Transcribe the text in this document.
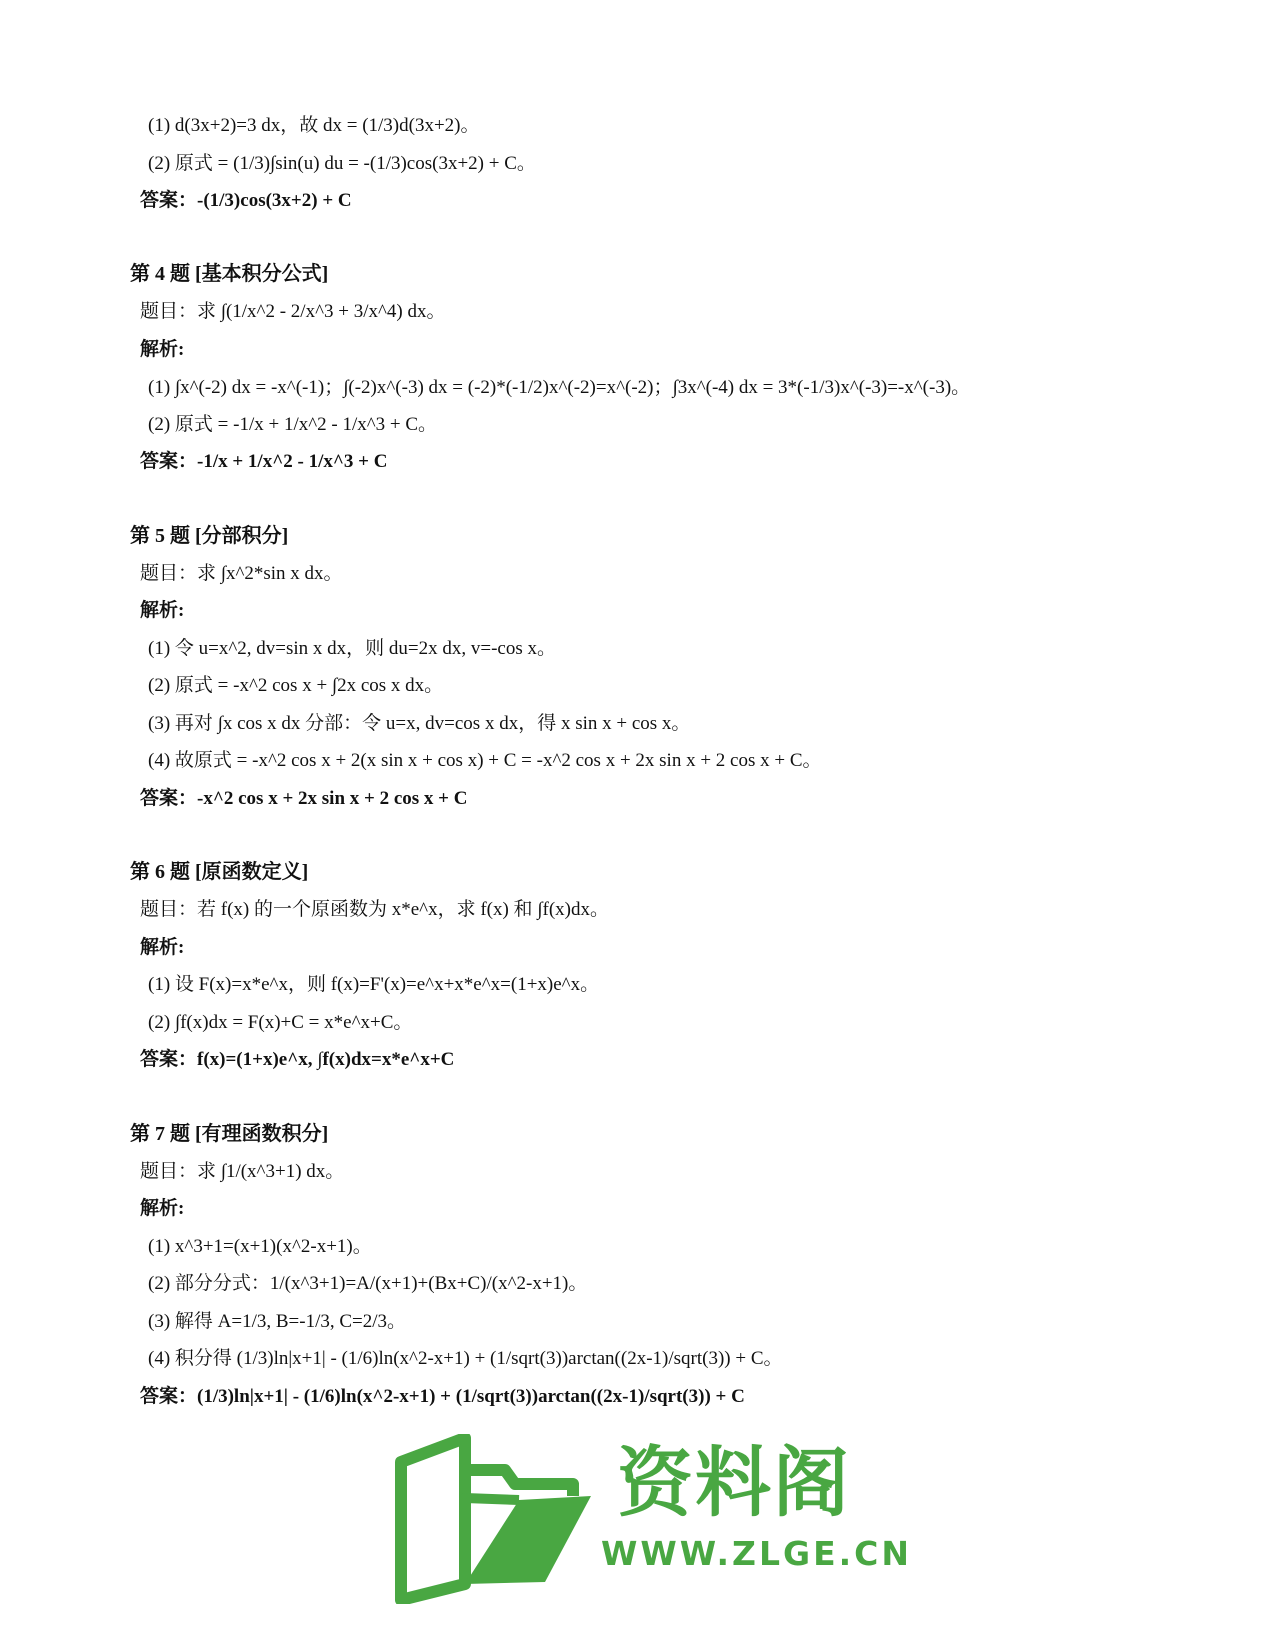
(1) d(3x+2)=3 dx，故 dx = (1/3)d(3x+2)。
(2) 原式 = (1/3)∫sin(u) du = -(1/3)cos(3x+2) + C。
答案：-(1/3)cos(3x+2) + C
第 4 题 [基本积分公式]
题目：求 ∫(1/x^2 - 2/x^3 + 3/x^4) dx。
解析:
(1) ∫x^(-2) dx = -x^(-1)；∫(-2)x^(-3) dx = (-2)*(-1/2)x^(-2)=x^(-2)；∫3x^(-4) dx = 3*(-1/3)x^(-3)=-x^(-3)。
(2) 原式 = -1/x + 1/x^2 - 1/x^3 + C。
答案：-1/x + 1/x^2 - 1/x^3 + C
第 5 题 [分部积分]
题目：求 ∫x^2*sin x dx。
解析:
(1) 令 u=x^2, dv=sin x dx，则 du=2x dx, v=-cos x。
(2) 原式 = -x^2 cos x + ∫2x cos x dx。
(3) 再对 ∫x cos x dx 分部：令 u=x, dv=cos x dx，得 x sin x + cos x。
(4) 故原式 = -x^2 cos x + 2(x sin x + cos x) + C = -x^2 cos x + 2x sin x + 2 cos x + C。
答案：-x^2 cos x + 2x sin x + 2 cos x + C
第 6 题 [原函数定义]
题目：若 f(x) 的一个原函数为 x*e^x，求 f(x) 和 ∫f(x)dx。
解析:
(1) 设 F(x)=x*e^x，则 f(x)=F'(x)=e^x+x*e^x=(1+x)e^x。
(2) ∫f(x)dx = F(x)+C = x*e^x+C。
答案：f(x)=(1+x)e^x, ∫f(x)dx=x*e^x+C
第 7 题 [有理函数积分]
题目：求 ∫1/(x^3+1) dx。
解析:
(1) x^3+1=(x+1)(x^2-x+1)。
(2) 部分分式：1/(x^3+1)=A/(x+1)+(Bx+C)/(x^2-x+1)。
(3) 解得 A=1/3, B=-1/3, C=2/3。
(4) 积分得 (1/3)ln|x+1| - (1/6)ln(x^2-x+1) + (1/sqrt(3))arctan((2x-1)/sqrt(3)) + C。
答案：(1/3)ln|x+1| - (1/6)ln(x^2-x+1) + (1/sqrt(3))arctan((2x-1)/sqrt(3)) + C
资料阁
WWW.ZLGE.CN
